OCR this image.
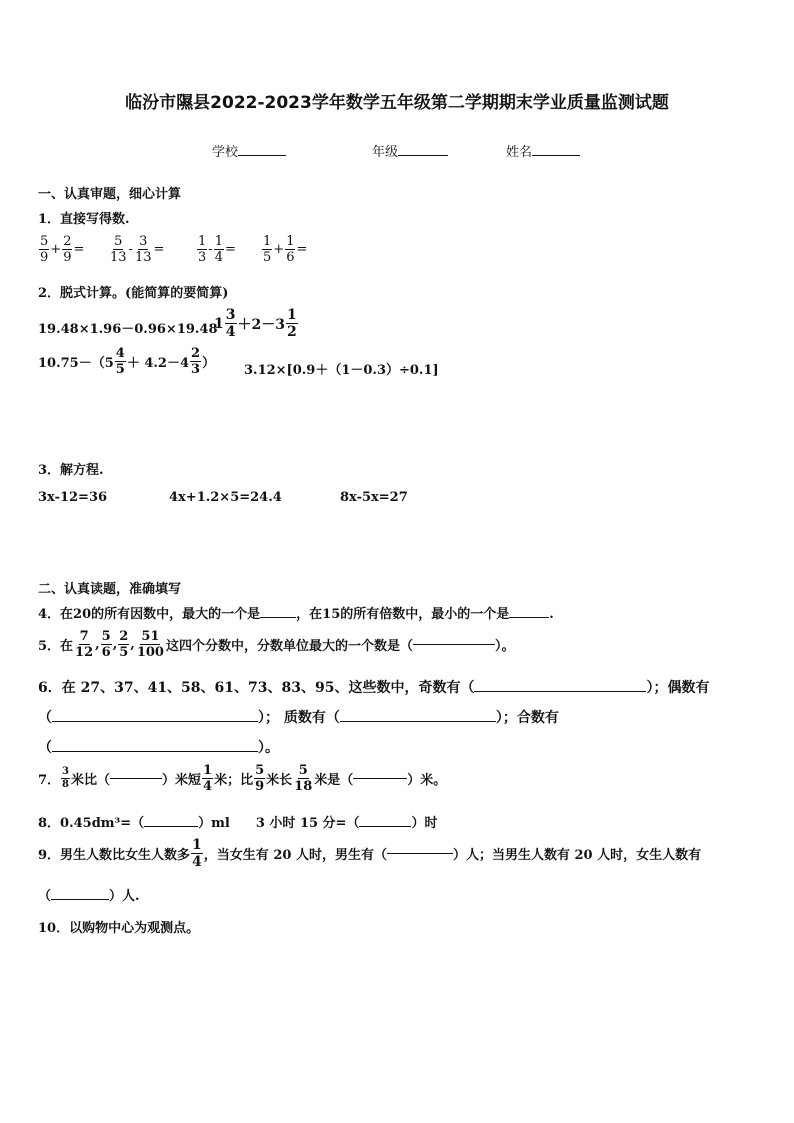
临汾市隰县2022-2023学年数学五年级第二学期期末学业质量监测试题
学校	年级	姓名
一、认真审题，细心计算
1．直接写得数.
$\frac{5}{9} + \frac{2}{9} = \frac{5}{13} - \frac{3}{13}$ =	$\frac{1}{3} - \frac{1}{4} = \frac{1}{5} + \frac{1}{6}$ =
2．脱式计算。(能简算的要简算)
19.48×1.96－0.96×19.48
$1 \frac{3}{4} +2-3 \frac{1}{2}$
$10.75-(5 \frac{4}{5} + 4.2-4 \frac{2}{3}$ ） 3.12×[0.9＋（1－0.3）÷0.1]
3．解方程.
3x-12=36	4x+1.2×5=24.4	8x-5x=27
二、认真读题，准确填写
4．在20的所有因数中，最大的一个是	，在15的所有倍数中，最小的一个是	.
5．在 $\frac{7}{12}$ , $\frac{5}{6}$ , $\frac{2}{5}$ , $\frac{51}{100}$ 这四个分数中，分数单位最大的一个数是（	）。
6．在 27、37、41、58、61、73、83、95、这些数中，奇数有（	）；偶数有
（	）； 质数有（	）；合数有
（	）。
7． $\frac{3}{8}$ 米比（	）米短 $\frac{1}{4}$ 米；比 $\frac{5}{9}$ 米长 $\frac{5}{18}$ 米是（	）米。
8．0.45dm³=（	）ml 3 小时 15 分=（	）时
9．男生人数比女生人数多 $\frac{1}{4}$ ，当女生有 20 人时，男生有（	）人；当男生人数有 20 人时，女生人数有
（	）人.
10．以购物中心为观测点。
